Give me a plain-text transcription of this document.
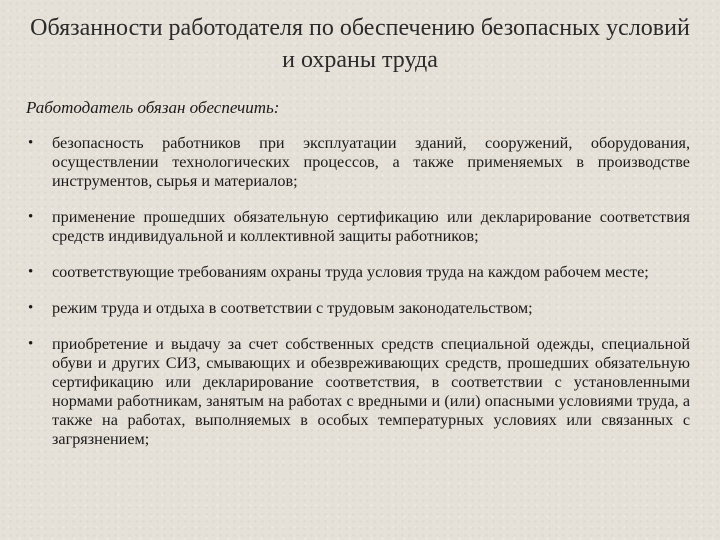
Обязанности работодателя по обеспечению безопасных условий и охраны труда
Работодатель обязан обеспечить:
• безопасность работников при эксплуатации зданий, сооружений, оборудования, осуществлении технологических процессов, а также применяемых в производстве инструментов, сырья и материалов;
• применение прошедших обязательную сертификацию или декларирование соответствия средств индивидуальной и коллективной защиты работников;
• соответствующие требованиям охраны труда условия труда на каждом рабочем месте;
• режим труда и отдыха в соответствии с трудовым законодательством;
• приобретение и выдачу за счет собственных средств специальной одежды, специальной обуви и других СИЗ, смывающих и обезвреживающих средств, прошедших обязательную сертификацию или декларирование соответствия, в соответствии с установленными нормами работникам, занятым на работах с вредными и (или) опасными условиями труда, а также на работах, выполняемых в особых температурных условиях или связанных с загрязнением;
